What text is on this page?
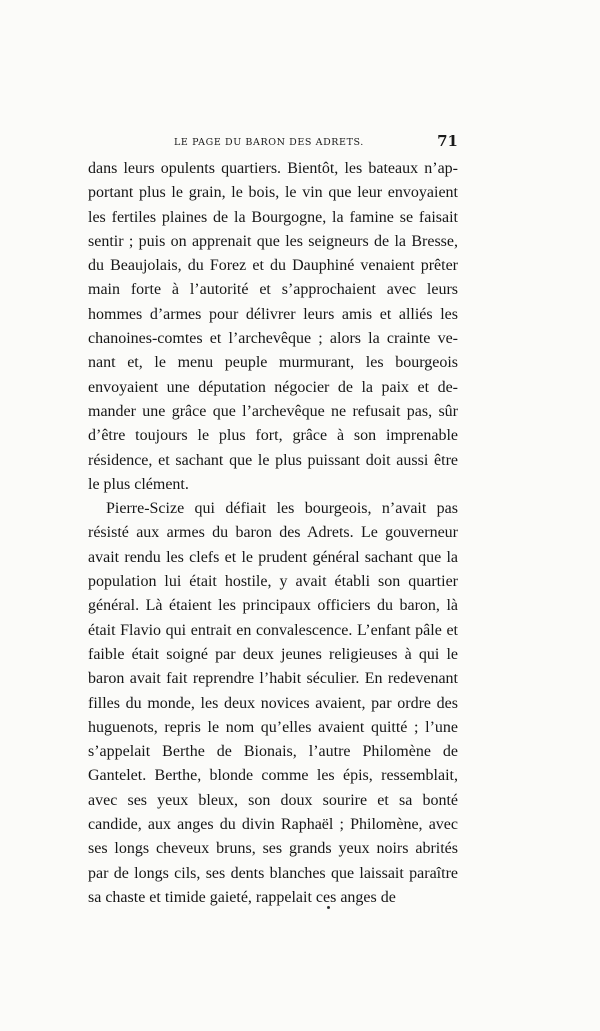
LE PAGE DU BARON DES ADRETS.	71

dans leurs opulents quartiers. Bientôt, les bateaux n’apportant plus le grain, le bois, le vin que leur envoyaient les fertiles plaines de la Bourgogne, la famine se faisait sentir ; puis on apprenait que les seigneurs de la Bresse, du Beaujolais, du Forez et du Dauphiné venaient prêter main forte à l’autorité et s’approchaient avec leurs hommes d’armes pour délivrer leurs amis et alliés les chanoines-comtes et l’archevêque ; alors la crainte venant et, le menu peuple murmurant, les bourgeois envoyaient une députation négocier de la paix et demander une grâce que l’archevêque ne refusait pas, sûr d’être toujours le plus fort, grâce à son imprenable résidence, et sachant que le plus puissant doit aussi être le plus clément.

Pierre-Scize qui défiait les bourgeois, n’avait pas résisté aux armes du baron des Adrets. Le gouverneur avait rendu les clefs et le prudent général sachant que la population lui était hostile, y avait établi son quartier général. Là étaient les principaux officiers du baron, là était Flavio qui entrait en convalescence. L’enfant pâle et faible était soigné par deux jeunes religieuses à qui le baron avait fait reprendre l’habit séculier. En redevenant filles du monde, les deux novices avaient, par ordre des huguenots, repris le nom qu’elles avaient quitté ; l’une s’appelait Berthe de Bionais, l’autre Philomène de Gantelet. Berthe, blonde comme les épis, ressemblait, avec ses yeux bleux, son doux sourire et sa bonté candide, aux anges du divin Raphaël ; Philomène, avec ses longs cheveux bruns, ses grands yeux noirs abrités par de longs cils, ses dents blanches que laissait paraître sa chaste et timide gaieté, rappelait ces anges de
